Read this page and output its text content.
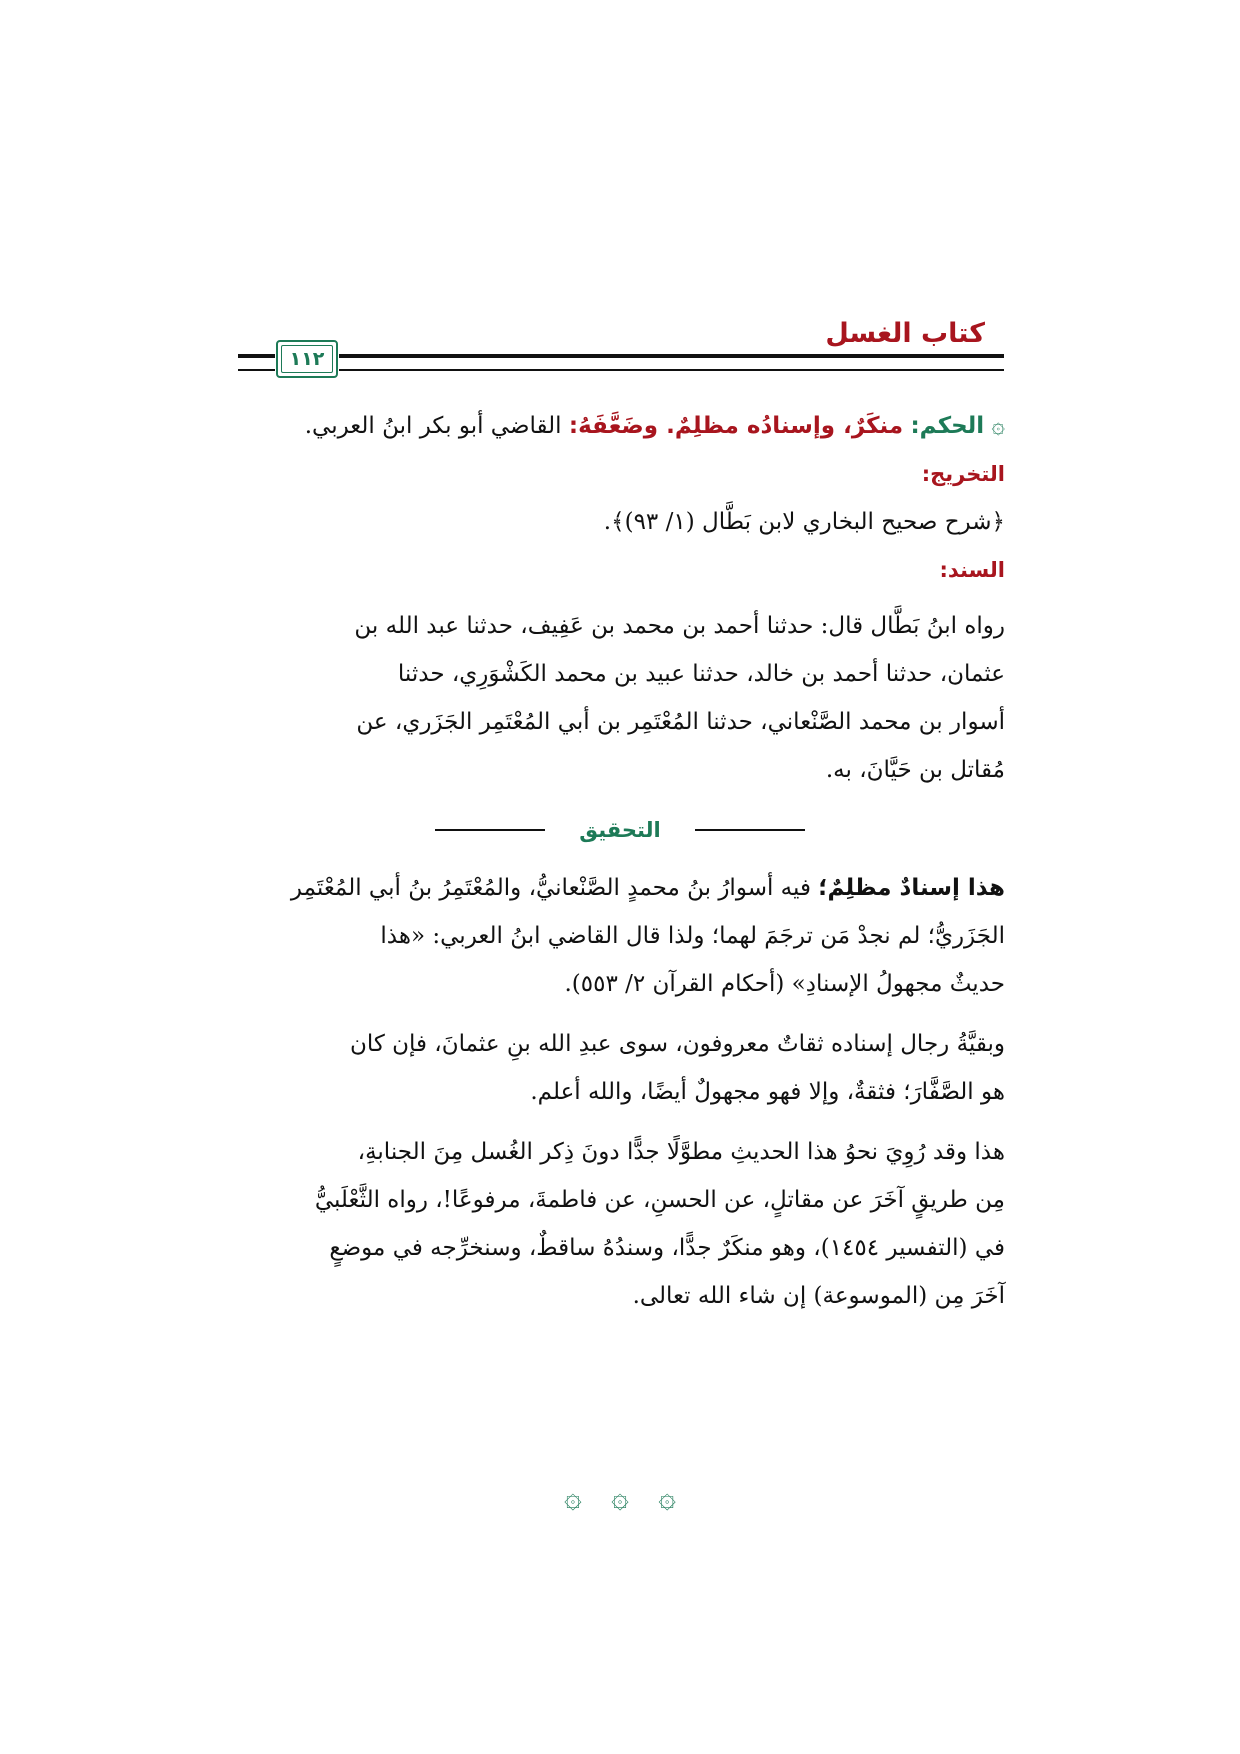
كتاب الغسل
١١٢

۞ الحكم: منكَرٌ، وإسنادُه مظلِمٌ. وضَعَّفَهُ: القاضي أبو بكر ابنُ العربي.

التخريج:

﴿شرح صحيح البخاري لابن بَطَّال (١/ ٩٣)﴾.

السند:

رواه ابنُ بَطَّال قال: حدثنا أحمد بن محمد بن عَفِيف، حدثنا عبد الله بن
عثمان، حدثنا أحمد بن خالد، حدثنا عبيد بن محمد الكَشْوَرِي، حدثنا
أسوار بن محمد الصَّنْعاني، حدثنا المُعْتَمِر بن أبي المُعْتَمِر الجَزَري، عن
مُقاتل بن حَيَّانَ، به.

التحقيق

هذا إسنادٌ مظلِمٌ؛ فيه أسوارُ بنُ محمدٍ الصَّنْعانيُّ، والمُعْتَمِرُ بنُ أبي المُعْتَمِر
الجَزَريُّ؛ لم نجدْ مَن ترجَمَ لهما؛ ولذا قال القاضي ابنُ العربي: «هذا
حديثٌ مجهولُ الإسنادِ» (أحكام القرآن ٢/ ٥٥٣).

وبقيَّةُ رجال إسناده ثقاتٌ معروفون، سوى عبدِ الله بنِ عثمانَ، فإن كان
هو الصَّفَّارَ؛ فثقةٌ، وإلا فهو مجهولٌ أيضًا، والله أعلم.

هذا وقد رُوِيَ نحوُ هذا الحديثِ مطوَّلًا جدًّا دونَ ذِكر الغُسل مِنَ الجنابةِ،
مِن طريقٍ آخَرَ عن مقاتلٍ، عن الحسنِ، عن فاطمةَ، مرفوعًا!، رواه الثَّعْلَبيُّ
في (التفسير ١٤٥٤)، وهو منكَرٌ جدًّا، وسندُهُ ساقطٌ، وسنخرِّجه في موضعٍ
آخَرَ مِن (الموسوعة) إن شاء الله تعالى.

۞ ۞ ۞
